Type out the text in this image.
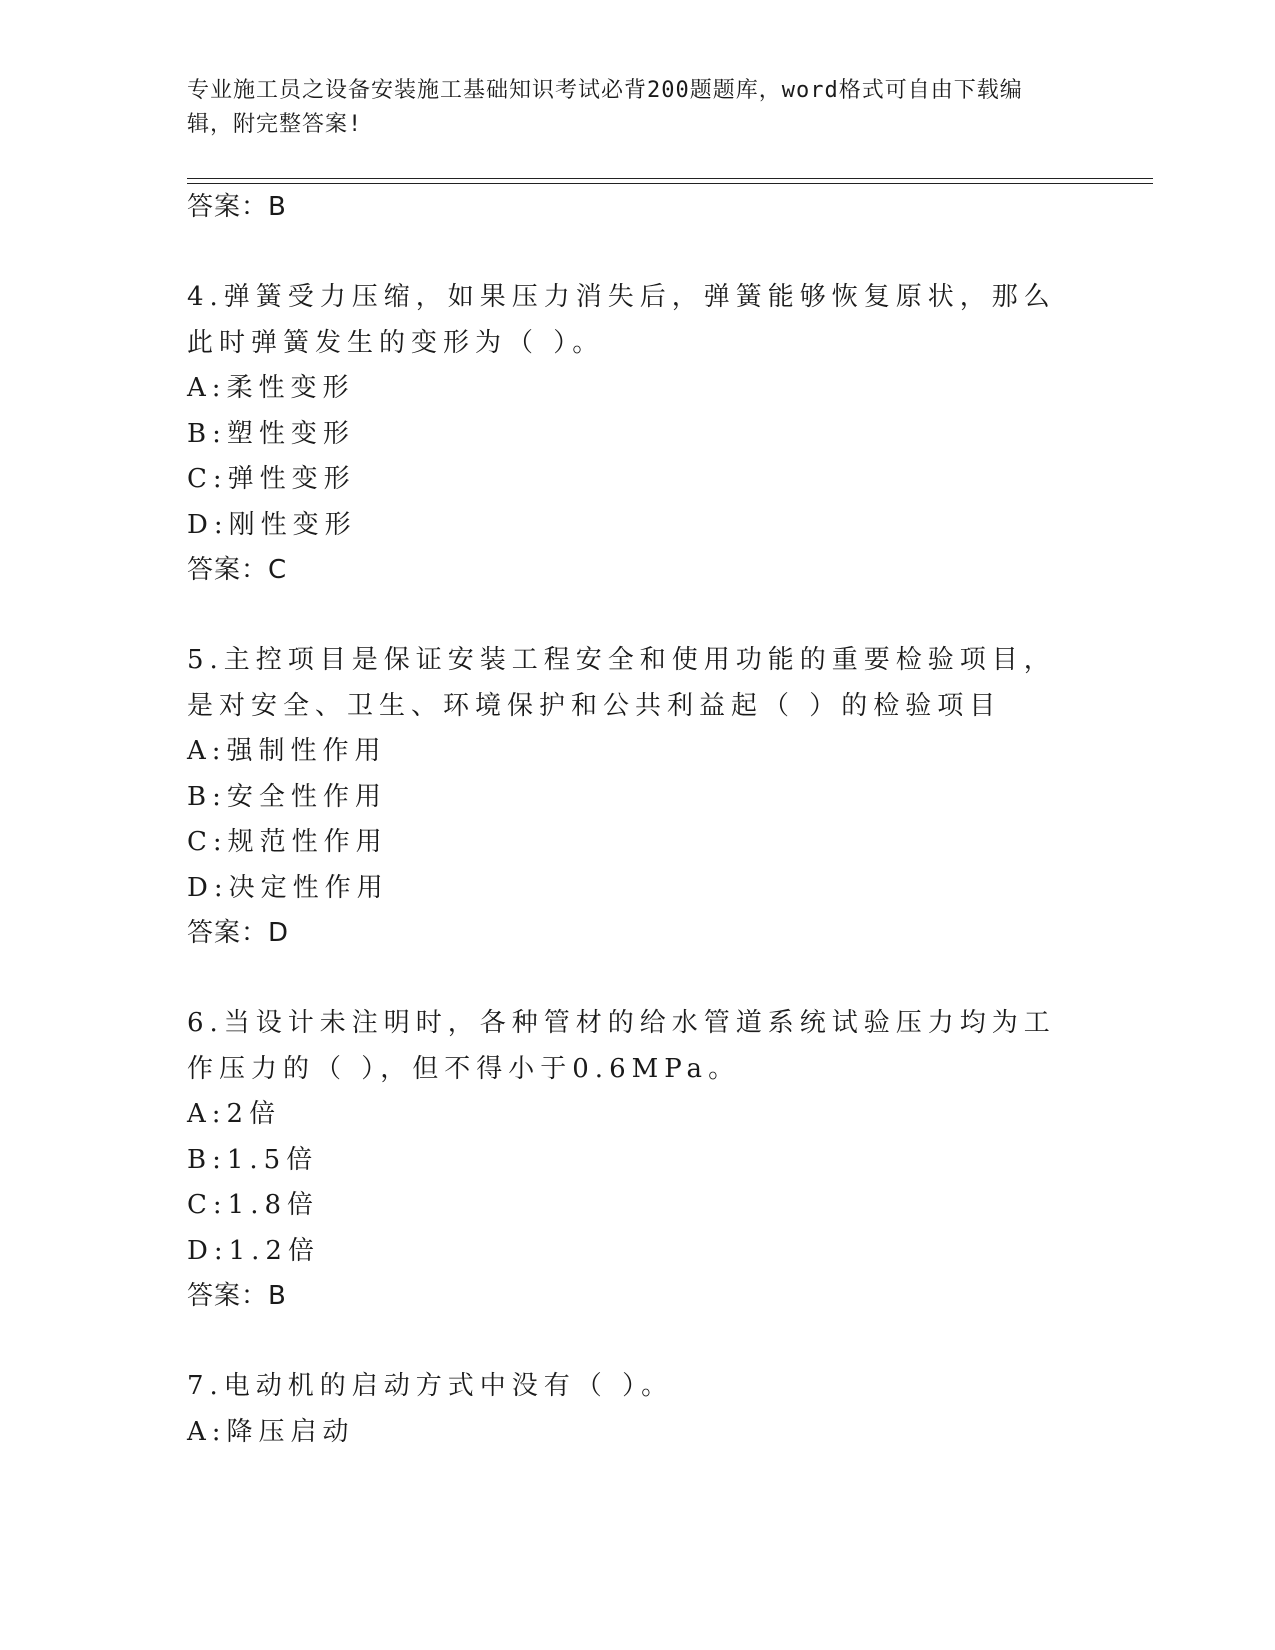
专业施工员之设备安装施工基础知识考试必背200题题库，word格式可自由下载编辑，附完整答案!
答案：B
4.弹簧受力压缩，如果压力消失后，弹簧能够恢复原状，那么此时弹簧发生的变形为（ ）。
A:柔性变形
B:塑性变形
C:弹性变形
D:刚性变形
答案：C
5.主控项目是保证安装工程安全和使用功能的重要检验项目，是对安全、卫生、环境保护和公共利益起（ ）的检验项目
A:强制性作用
B:安全性作用
C:规范性作用
D:决定性作用
答案：D
6.当设计未注明时，各种管材的给水管道系统试验压力均为工作压力的（ ），但不得小于0.6MPa。
A:2倍
B:1.5倍
C:1.8倍
D:1.2倍
答案：B
7.电动机的启动方式中没有（ ）。
A:降压启动
